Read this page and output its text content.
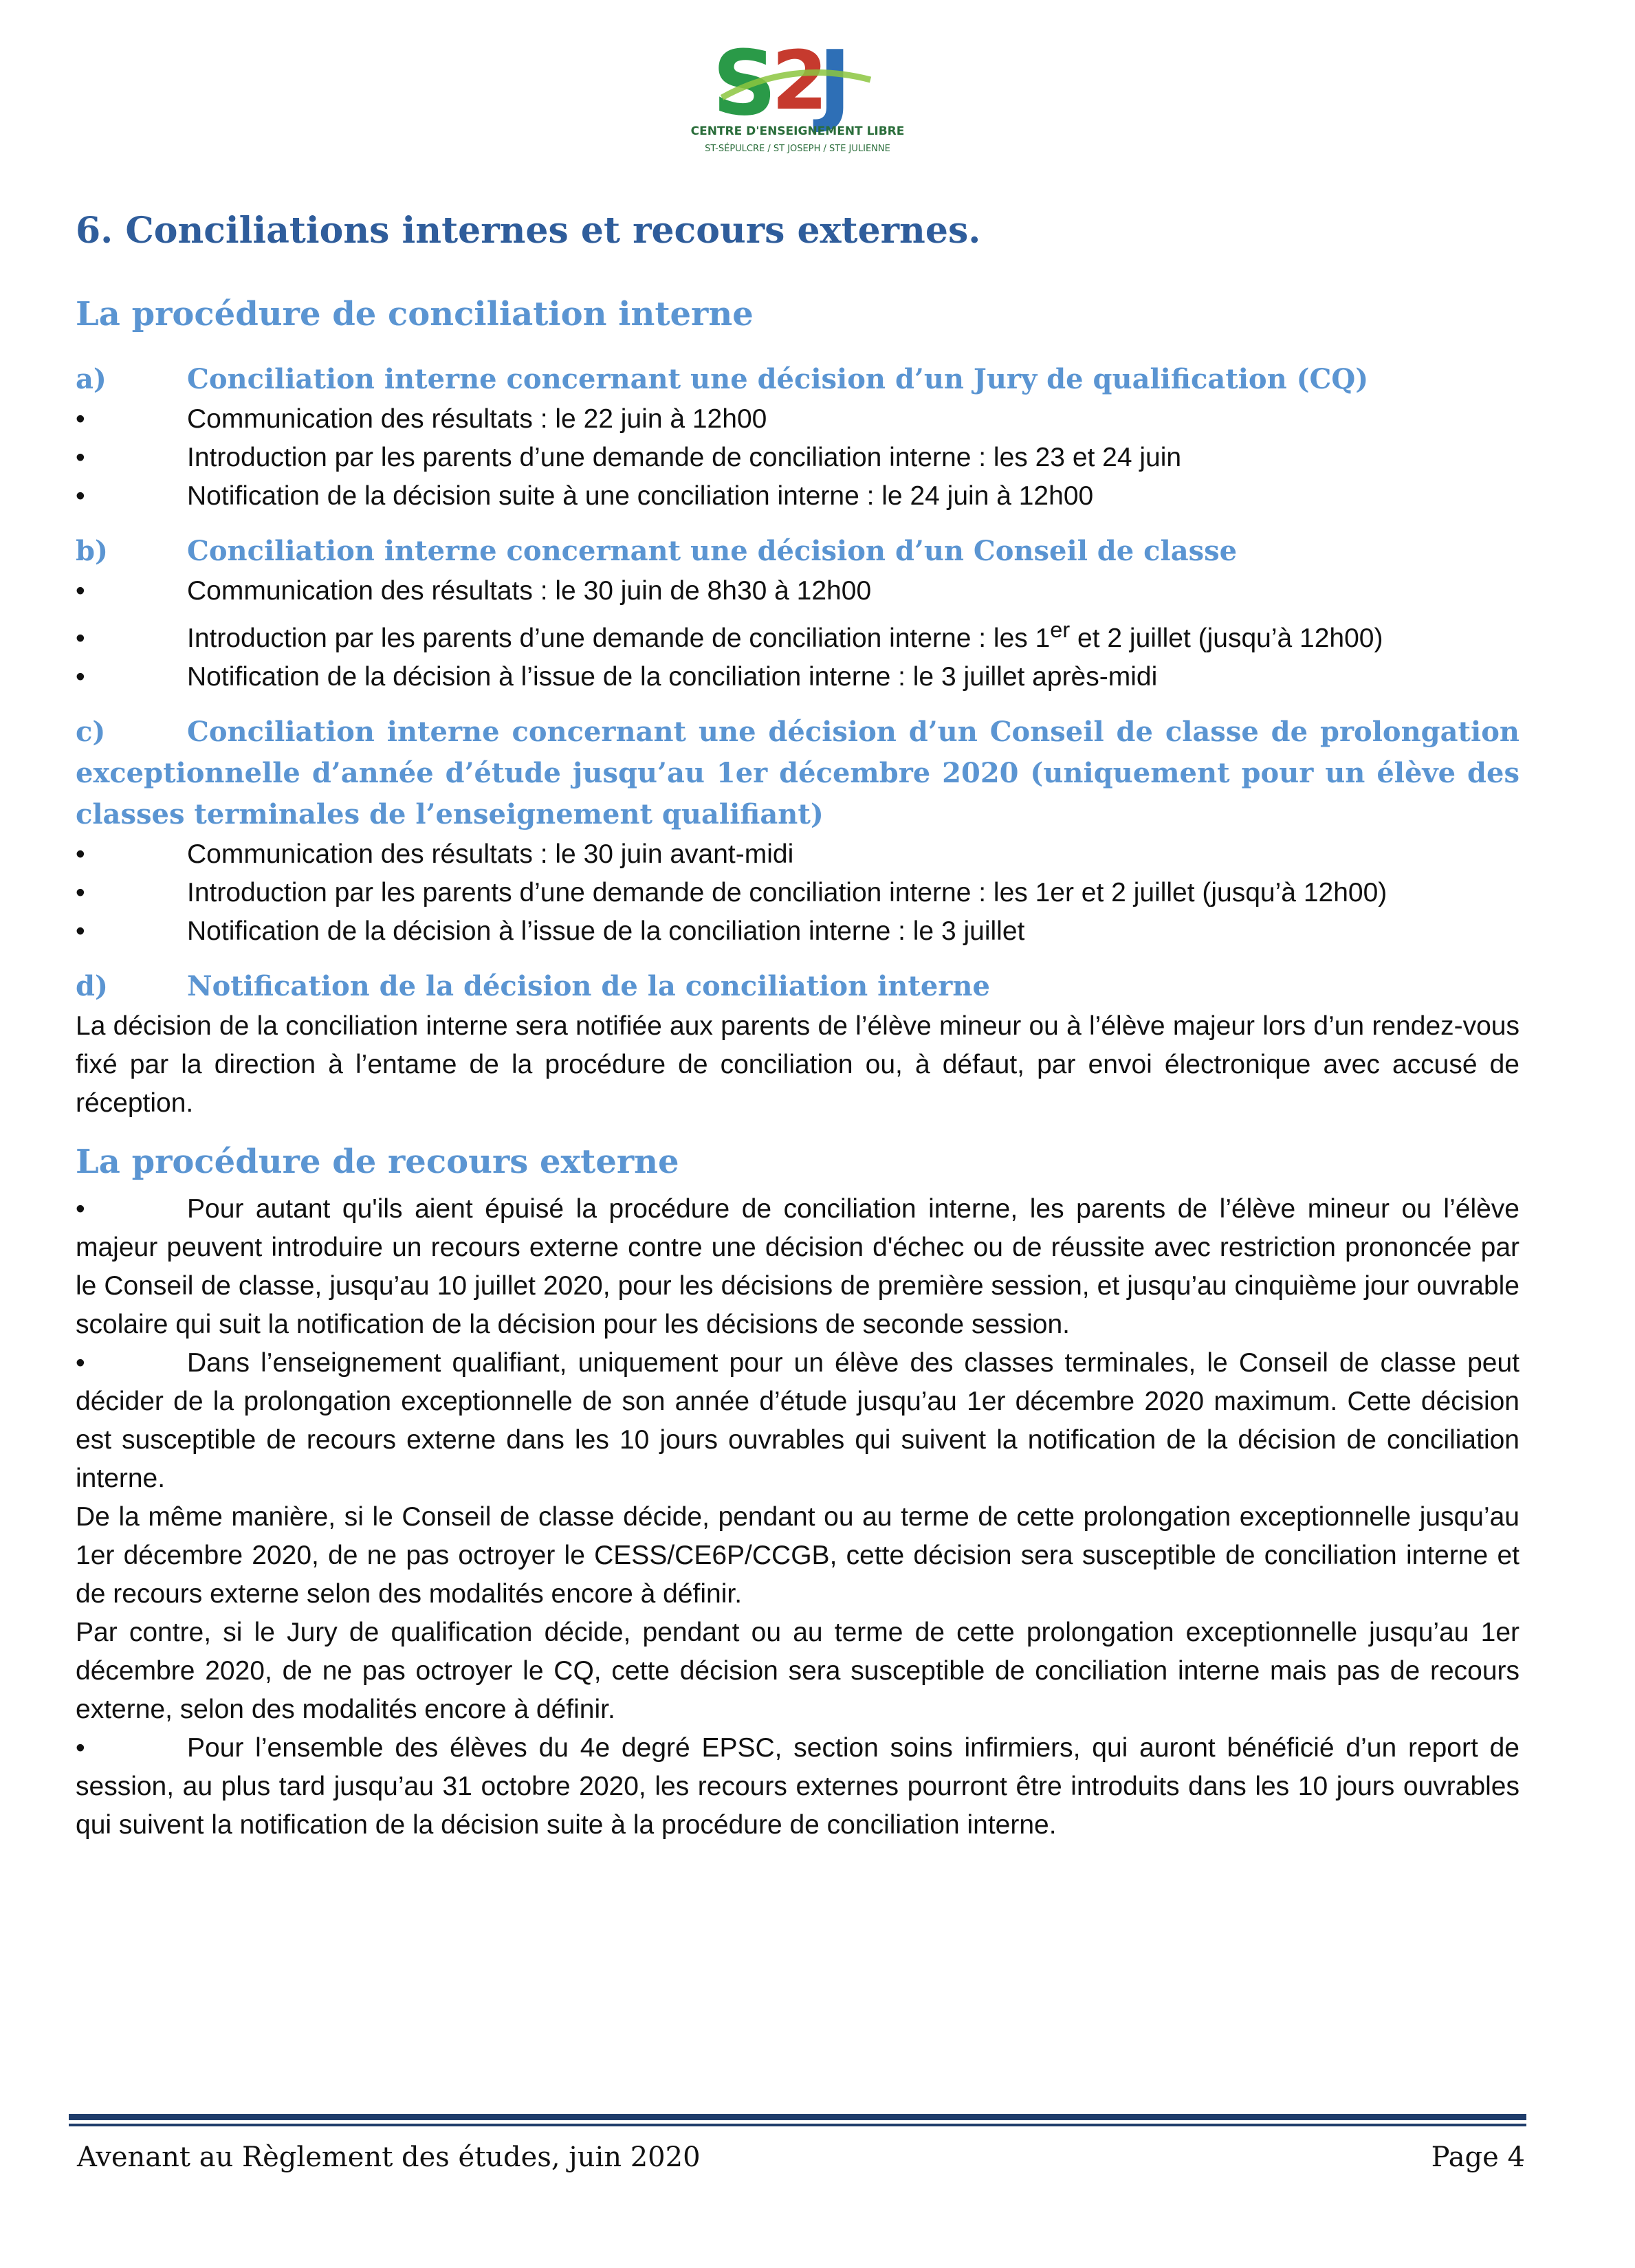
S
2
J
CENTRE D'ENSEIGNEMENT LIBRE
ST-SÉPULCRE / ST JOSEPH / STE JULIENNE
6. Conciliations internes et recours externes.
La procédure de conciliation interne
a)	Conciliation interne concernant une décision d’un Jury de qualification (CQ)
•	Communication des résultats : le 22 juin à 12h00
•	Introduction par les parents d’une demande de conciliation interne : les 23 et 24 juin
•	Notification de la décision suite à une conciliation interne : le 24 juin à 12h00
b)	Conciliation interne concernant une décision d’un Conseil de classe
•	Communication des résultats : le 30 juin de 8h30 à 12h00
•	Introduction par les parents d’une demande de conciliation interne : les 1er et 2 juillet (jusqu’à 12h00)
•	Notification de la décision à l’issue de la conciliation interne : le 3 juillet après-midi
c)	Conciliation interne concernant une décision d’un Conseil de classe de prolongation exceptionnelle d’année d’étude jusqu’au 1er décembre 2020 (uniquement pour un élève des classes terminales de l’enseignement qualifiant)
•	Communication des résultats : le 30 juin avant-midi
•	Introduction par les parents d’une demande de conciliation interne : les 1er et 2 juillet (jusqu’à 12h00)
•	Notification de la décision à l’issue de la conciliation interne : le 3 juillet
d)	Notification de la décision de la conciliation interne

La décision de la conciliation interne sera notifiée aux parents de l’élève mineur ou à l’élève majeur lors d’un rendez-vous fixé par la direction à l’entame de la procédure de conciliation ou, à défaut, par envoi électronique avec accusé de réception.

La procédure de recours externe
•	Pour autant qu'ils aient épuisé la procédure de conciliation interne, les parents de l’élève mineur ou l’élève majeur peuvent introduire un recours externe contre une décision d'échec ou de réussite avec restriction prononcée par le Conseil de classe, jusqu’au 10 juillet 2020, pour les décisions de première session, et jusqu’au cinquième jour ouvrable scolaire qui suit la notification de la décision pour les décisions de seconde session.
•	Dans l’enseignement qualifiant, uniquement pour un élève des classes terminales, le Conseil de classe peut décider de la prolongation exceptionnelle de son année d’étude jusqu’au 1er décembre 2020 maximum. Cette décision est susceptible de recours externe dans les 10 jours ouvrables qui suivent la notification de la décision de conciliation interne.

De la même manière, si le Conseil de classe décide, pendant ou au terme de cette prolongation exceptionnelle jusqu’au 1er décembre 2020, de ne pas octroyer le CESS/CE6P/CCGB, cette décision sera susceptible de conciliation interne et de recours externe selon des modalités encore à définir.

Par contre, si le Jury de qualification décide, pendant ou au terme de cette prolongation exceptionnelle jusqu’au 1er décembre 2020, de ne pas octroyer le CQ, cette décision sera susceptible de conciliation interne mais pas de recours externe, selon des modalités encore à définir.

•	Pour l’ensemble des élèves du 4e degré EPSC, section soins infirmiers, qui auront bénéficié d’un report de session, au plus tard jusqu’au 31 octobre 2020, les recours externes pourront être introduits dans les 10 jours ouvrables qui suivent la notification de la décision suite à la procédure de conciliation interne.
Avenant au Règlement des études, juin 2020	Page 4
